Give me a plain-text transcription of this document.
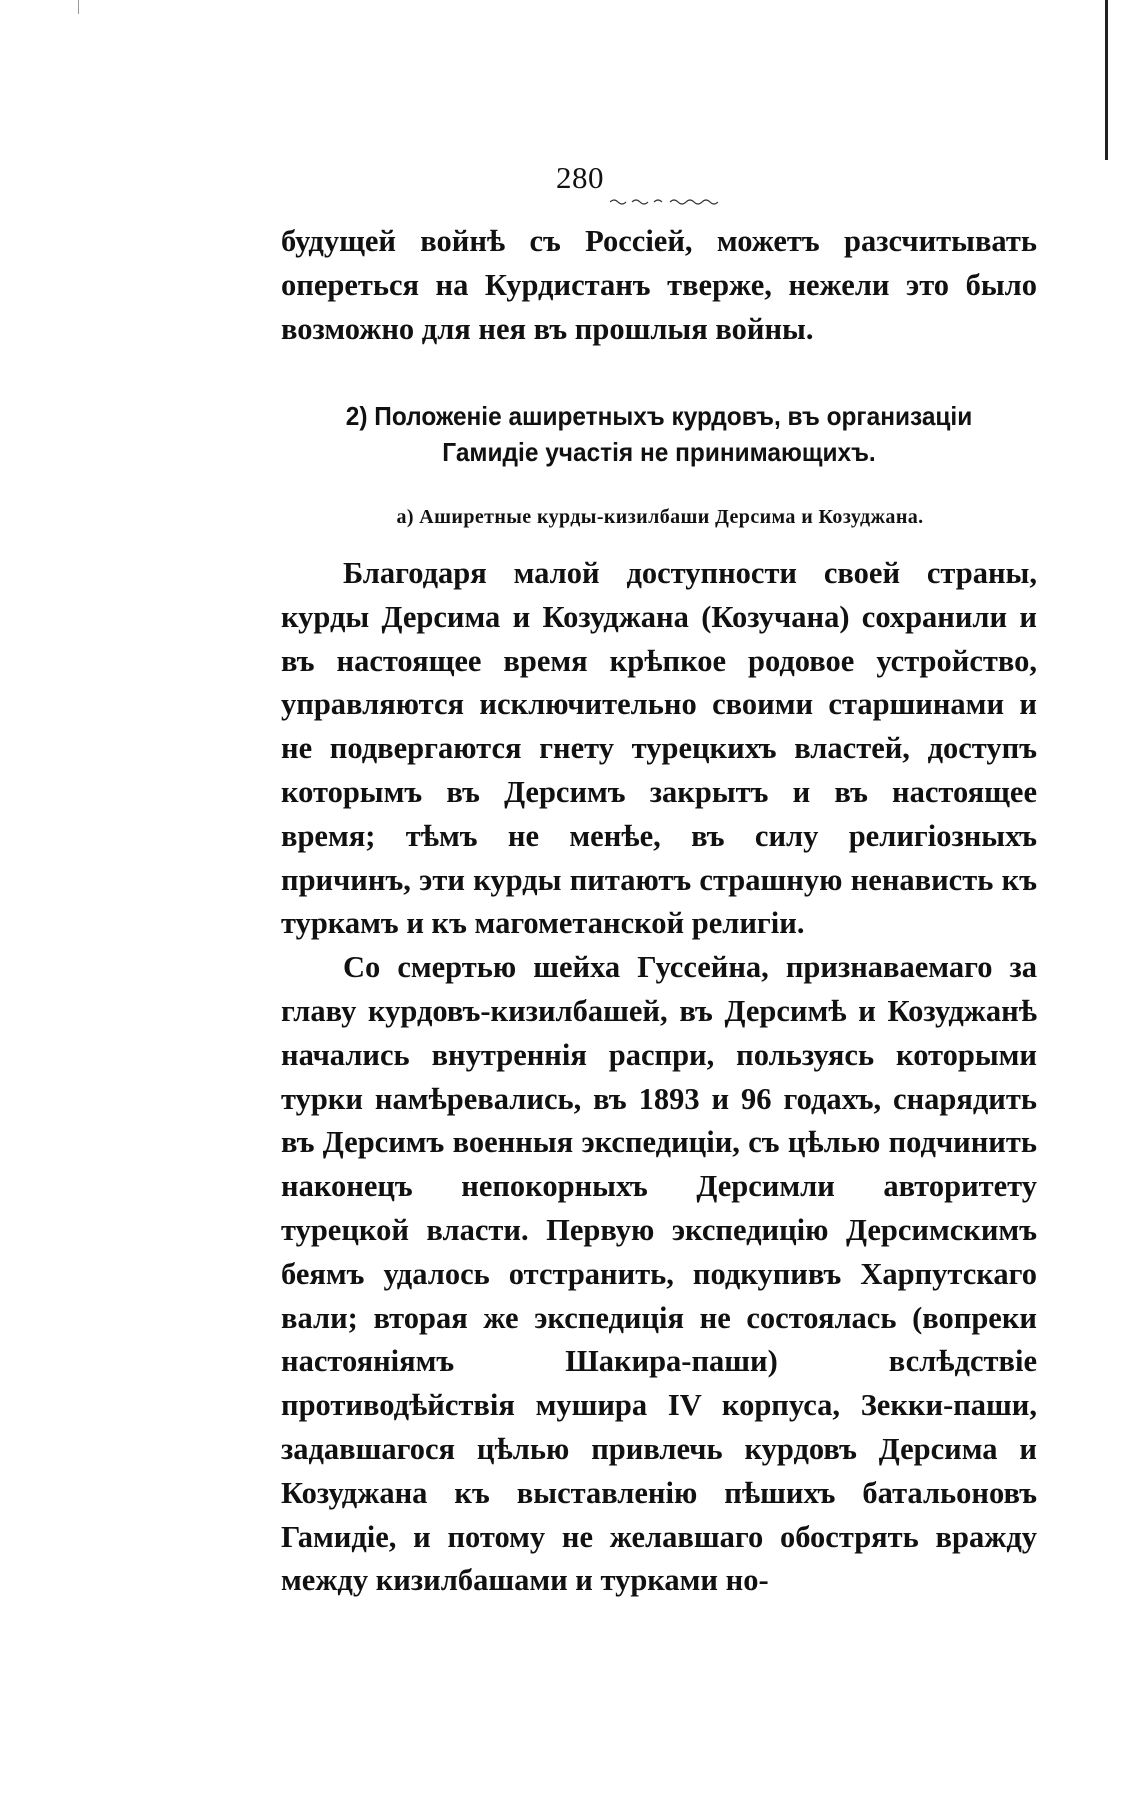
280

будущей войнѣ съ Россіей, можетъ разсчитывать опереться на Курдистанъ тверже, нежели это было возможно для нея въ прошлыя войны.

2) Положеніе аширетныхъ курдовъ, въ организаціи Гамидіе участія не принимающихъ.
а) Аширетные курды-кизилбаши Дерсима и Козуджана.

Благодаря малой доступности своей страны, курды Дерсима и Козуджана (Козучана) сохранили и въ настоящее время крѣпкое родовое устройство, управляются исключительно своими старшинами и не подвергаются гнету турецкихъ властей, доступъ которымъ въ Дерсимъ закрытъ и въ настоящее время; тѣмъ не менѣе, въ силу религіозныхъ причинъ, эти курды питаютъ страшную ненависть къ туркамъ и къ магометанской религіи.

Со смертью шейха Гуссейна, признаваемаго за главу курдовъ-кизилбашей, въ Дерсимѣ и Козуджанѣ начались внутреннія распри, пользуясь которыми турки намѣревались, въ 1893 и 96 годахъ, снарядить въ Дерсимъ военныя экспедиціи, съ цѣлью подчинить наконецъ непокорныхъ Дерсимли авторитету турецкой власти. Первую экспедицію Дерсимскимъ беямъ удалось отстранить, подкупивъ Харпутскаго вали; вторая же экспедиція не состоялась (вопреки настояніямъ Шакира-паши) вслѣдствіе противодѣйствія мушира IV корпуса, Зекки-паши, задавшагося цѣлью привлечь курдовъ Дерсима и Козуджана къ выставленію пѣшихъ батальоновъ Гамидіе, и потому не желавшаго обострять вражду между кизилбашами и турками но-
